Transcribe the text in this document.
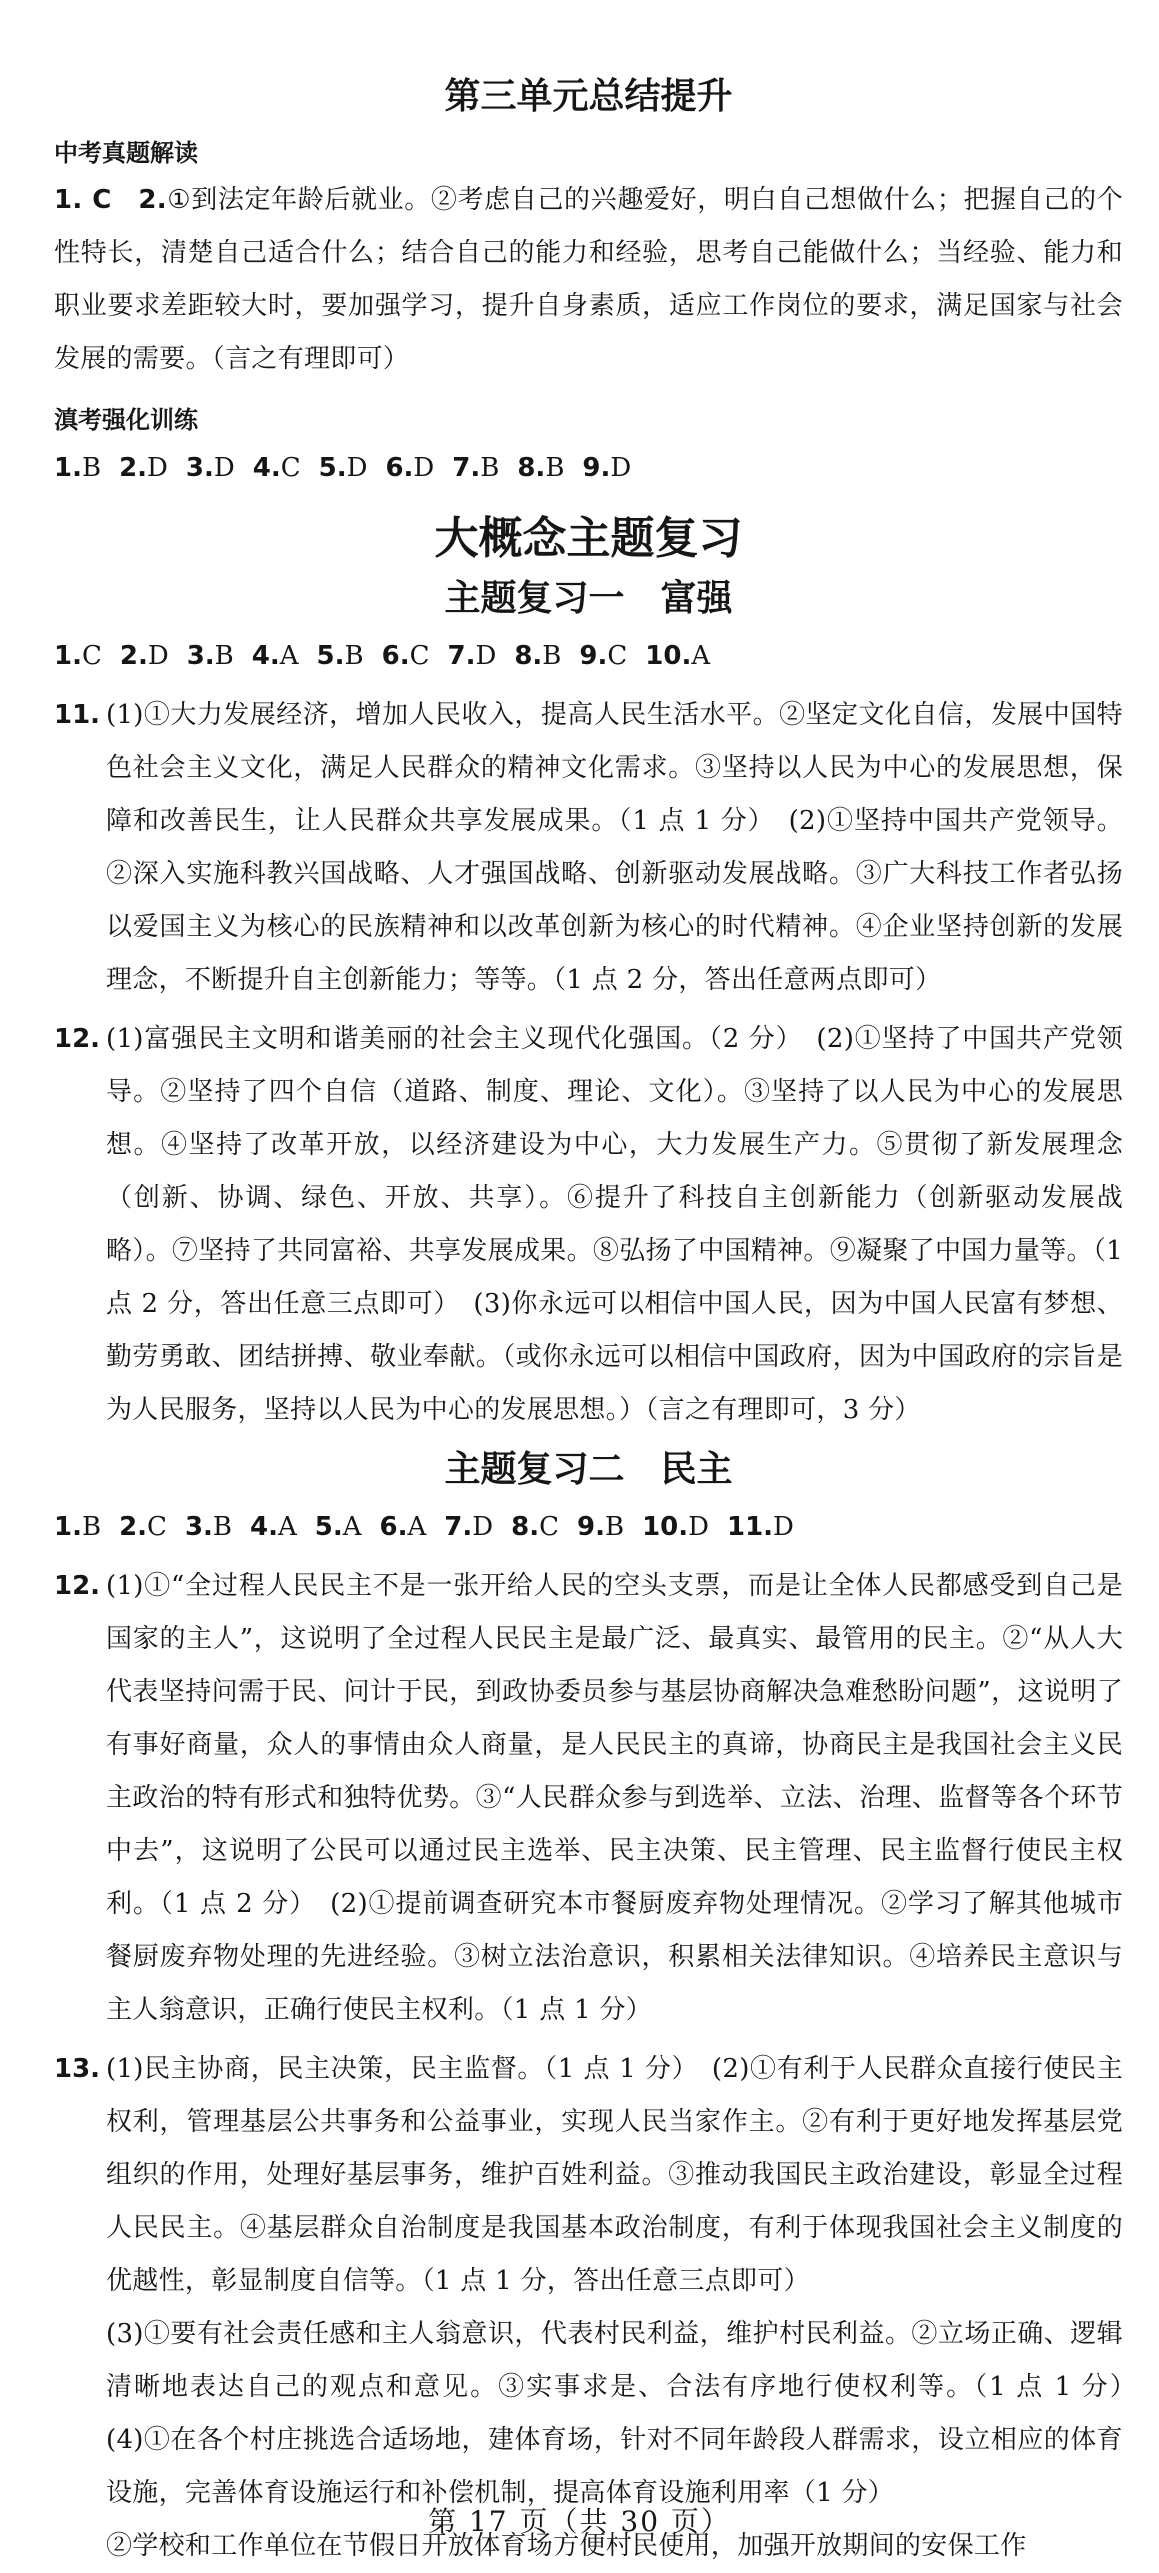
第三单元总结提升
中考真题解读

1. C 2.①到法定年龄后就业。②考虑自己的兴趣爱好，明白自己想做什么；把握自己的个性特长，清楚自己适合什么；结合自己的能力和经验，思考自己能做什么；当经验、能力和职业要求差距较大时，要加强学习，提升自身素质，适应工作岗位的要求，满足国家与社会发展的需要。（言之有理即可）

滇考强化训练
1.B 2.D 3.D 4.C 5.D 6.D 7.B 8.B 9.D
大概念主题复习
主题复习一　富强
1.C 2.D 3.B 4.A 5.B 6.C 7.D 8.B 9.C 10.A
11. (1)①大力发展经济，增加人民收入，提高人民生活水平。②坚定文化自信，发展中国特色社会主义文化，满足人民群众的精神文化需求。③坚持以人民为中心的发展思想，保障和改善民生，让人民群众共享发展成果。（1 点 1 分）　(2)①坚持中国共产党领导。②深入实施科教兴国战略、人才强国战略、创新驱动发展战略。③广大科技工作者弘扬以爱国主义为核心的民族精神和以改革创新为核心的时代精神。④企业坚持创新的发展理念，不断提升自主创新能力；等等。（1 点 2 分，答出任意两点即可）

12. (1)富强民主文明和谐美丽的社会主义现代化强国。（2 分）　(2)①坚持了中国共产党领导。②坚持了四个自信（道路、制度、理论、文化）。③坚持了以人民为中心的发展思想。④坚持了改革开放，以经济建设为中心，大力发展生产力。⑤贯彻了新发展理念（创新、协调、绿色、开放、共享）。⑥提升了科技自主创新能力（创新驱动发展战略）。⑦坚持了共同富裕、共享发展成果。⑧弘扬了中国精神。⑨凝聚了中国力量等。（1 点 2 分，答出任意三点即可）　(3)你永远可以相信中国人民，因为中国人民富有梦想、勤劳勇敢、团结拼搏、敬业奉献。（或你永远可以相信中国政府，因为中国政府的宗旨是为人民服务，坚持以人民为中心的发展思想。）（言之有理即可，3 分）

主题复习二　民主
1.B 2.C 3.B 4.A 5.A 6.A 7.D 8.C 9.B 10.D 11.D
12. (1)①“全过程人民民主不是一张开给人民的空头支票，而是让全体人民都感受到自己是国家的主人”，这说明了全过程人民民主是最广泛、最真实、最管用的民主。②“从人大代表坚持问需于民、问计于民，到政协委员参与基层协商解决急难愁盼问题”，这说明了有事好商量，众人的事情由众人商量，是人民民主的真谛，协商民主是我国社会主义民主政治的特有形式和独特优势。③“人民群众参与到选举、立法、治理、监督等各个环节中去”，这说明了公民可以通过民主选举、民主决策、民主管理、民主监督行使民主权利。（1 点 2 分）　(2)①提前调查研究本市餐厨废弃物处理情况。②学习了解其他城市餐厨废弃物处理的先进经验。③树立法治意识，积累相关法律知识。④培养民主意识与主人翁意识，正确行使民主权利。（1 点 1 分）

13. (1)民主协商，民主决策，民主监督。（1 点 1 分）　(2)①有利于人民群众直接行使民主权利，管理基层公共事务和公益事业，实现人民当家作主。②有利于更好地发挥基层党组织的作用，处理好基层事务，维护百姓利益。③推动我国民主政治建设，彰显全过程人民民主。④基层群众自治制度是我国基本政治制度，有利于体现我国社会主义制度的优越性，彰显制度自信等。（1 点 1 分，答出任意三点即可）

(3)①要有社会责任感和主人翁意识，代表村民利益，维护村民利益。②立场正确、逻辑清晰地表达自己的观点和意见。③实事求是、合法有序地行使权利等。（1 点 1 分）　(4)①在各个村庄挑选合适场地，建体育场，针对不同年龄段人群需求，设立相应的体育设施，完善体育设施运行和补偿机制，提高体育设施利用率（1 分）

②学校和工作单位在节假日开放体育场方便村民使用，加强开放期间的安保工作

第 17 页（共 30 页）
